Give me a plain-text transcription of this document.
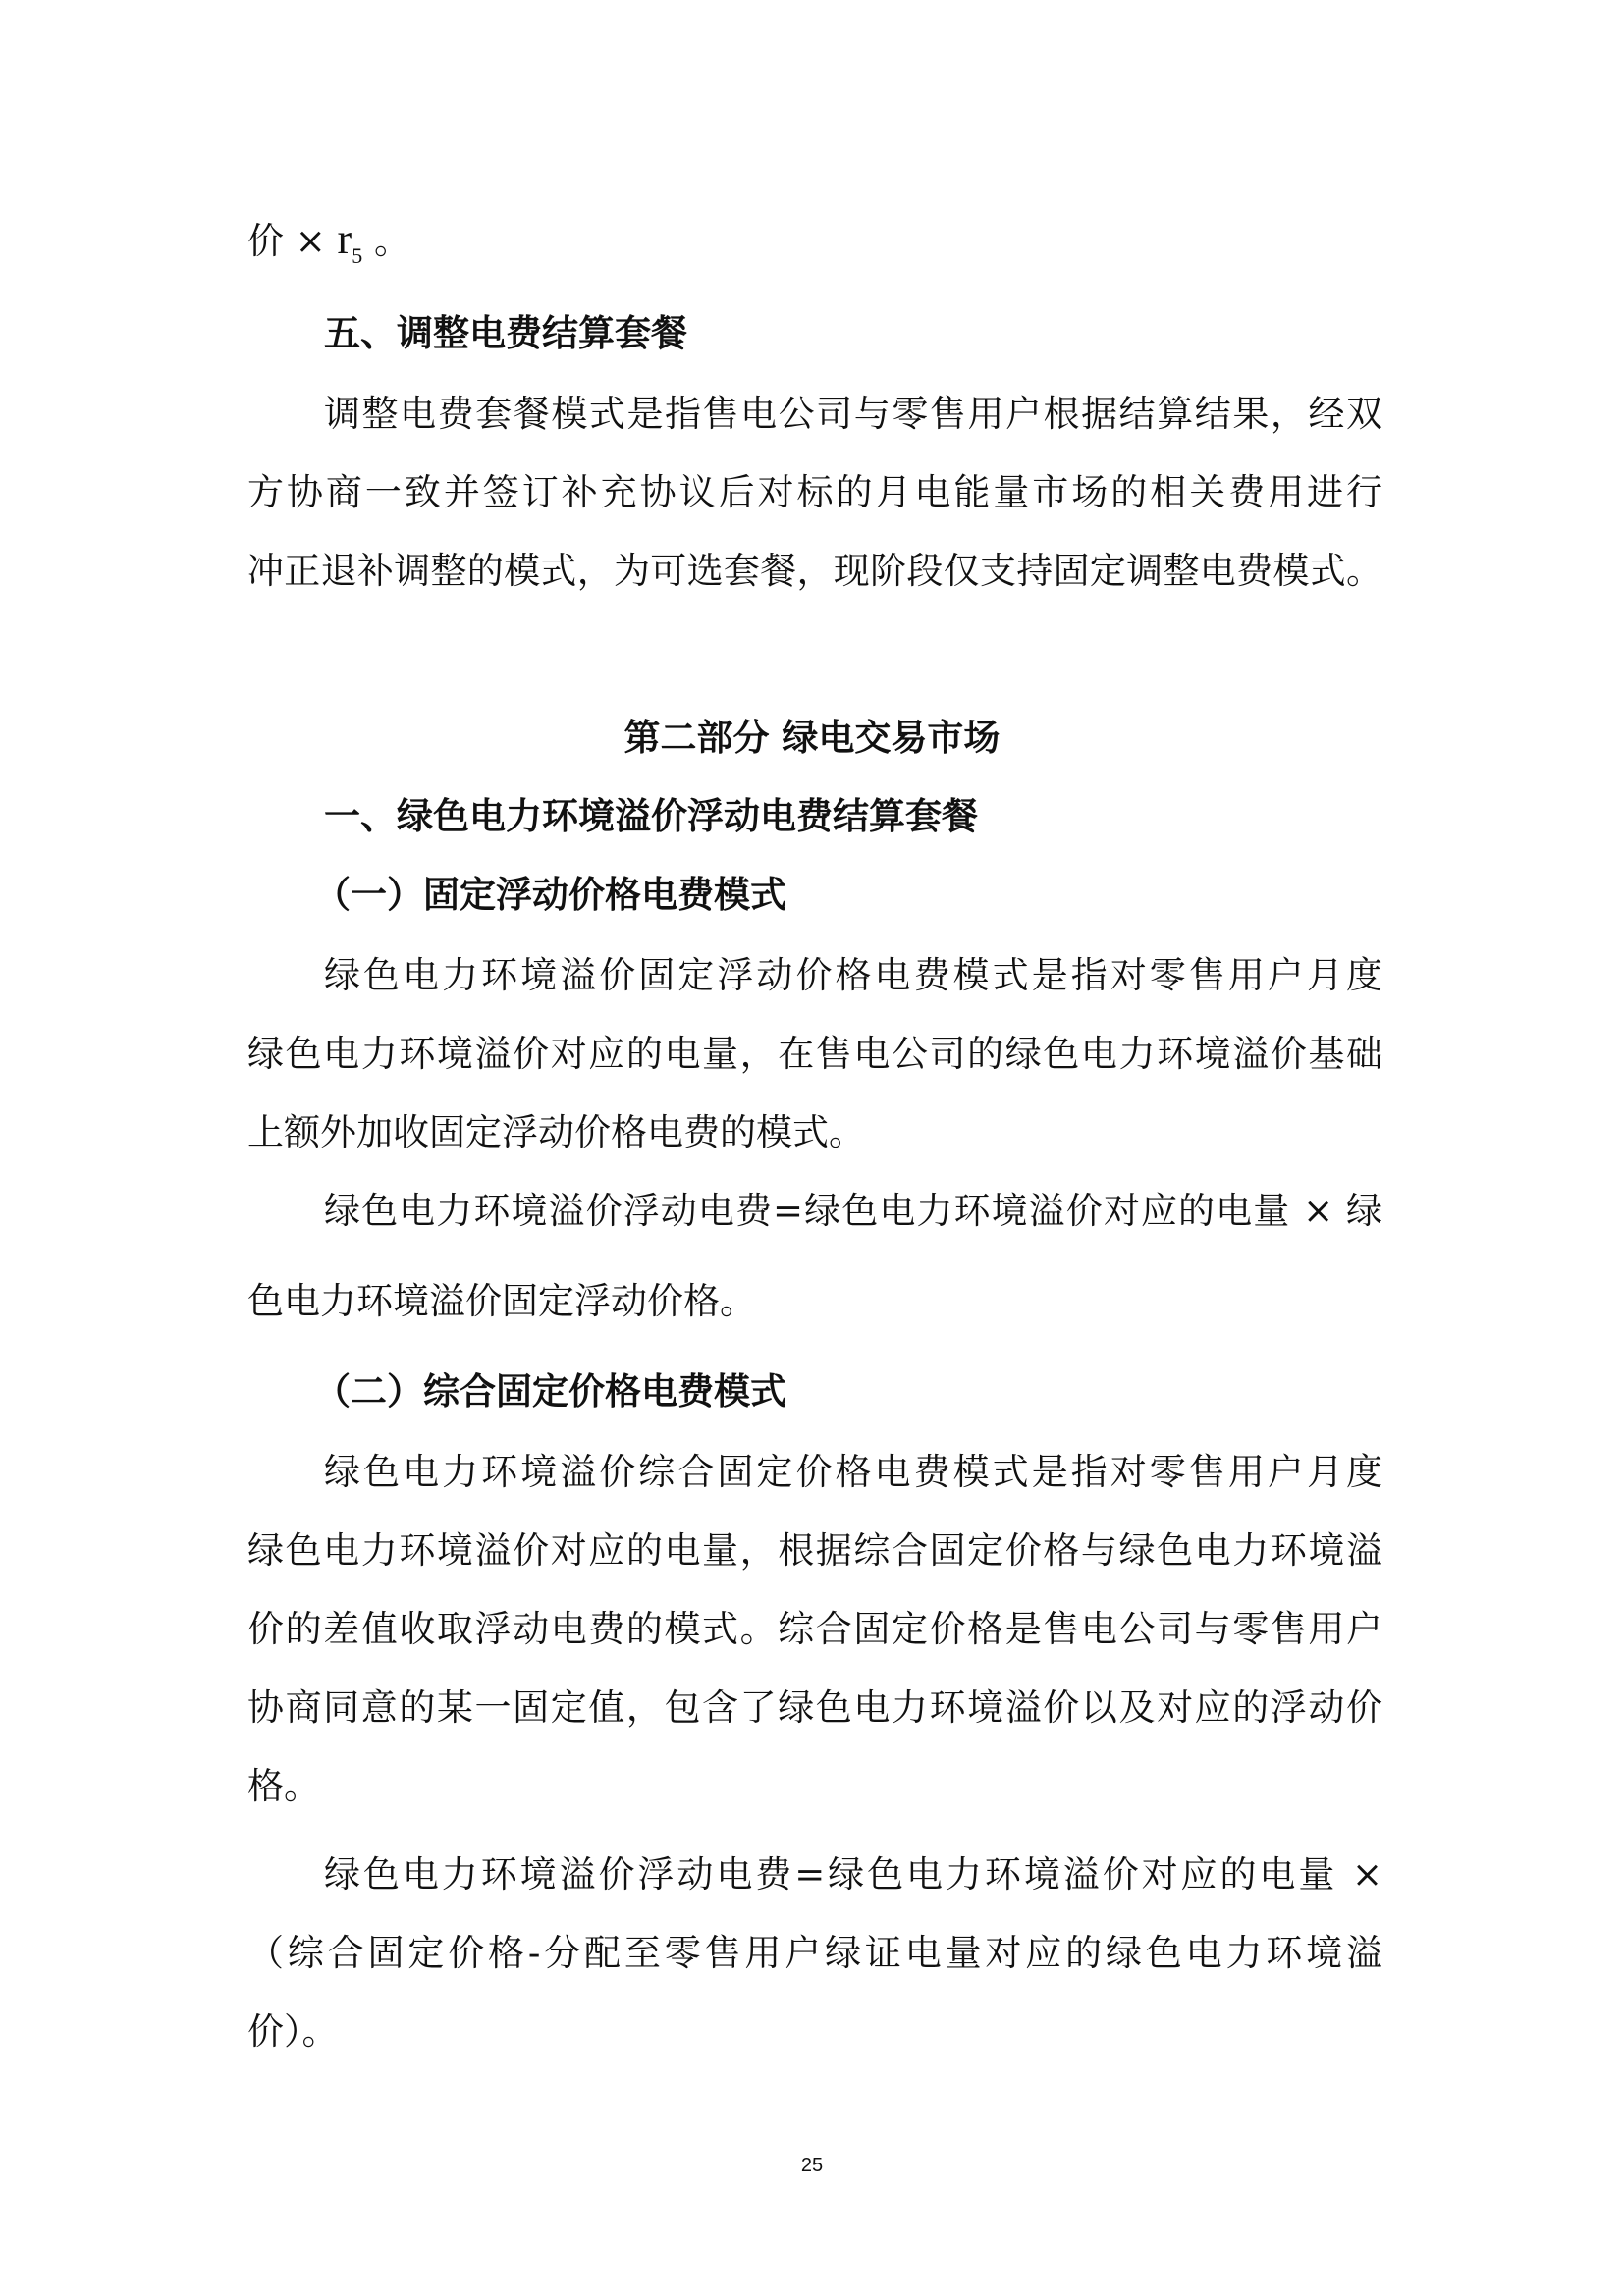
价 × $r_5$ 。
五、调整电费结算套餐
调整电费套餐模式是指售电公司与零售用户根据结算结果，经双
方协商一致并签订补充协议后对标的月电能量市场的相关费用进行
冲正退补调整的模式，为可选套餐，现阶段仅支持固定调整电费模式。
第二部分 绿电交易市场
一、绿色电力环境溢价浮动电费结算套餐
（一）固定浮动价格电费模式
绿色电力环境溢价固定浮动价格电费模式是指对零售用户月度
绿色电力环境溢价对应的电量，在售电公司的绿色电力环境溢价基础
上额外加收固定浮动价格电费的模式。
绿色电力环境溢价浮动电费=绿色电力环境溢价对应的电量 × 绿
色电力环境溢价固定浮动价格。
（二）综合固定价格电费模式
绿色电力环境溢价综合固定价格电费模式是指对零售用户月度
绿色电力环境溢价对应的电量，根据综合固定价格与绿色电力环境溢
价的差值收取浮动电费的模式。综合固定价格是售电公司与零售用户
协商同意的某一固定值，包含了绿色电力环境溢价以及对应的浮动价
格。
绿色电力环境溢价浮动电费=绿色电力环境溢价对应的电量 ×
（综合固定价格-分配至零售用户绿证电量对应的绿色电力环境溢
价）。
25
